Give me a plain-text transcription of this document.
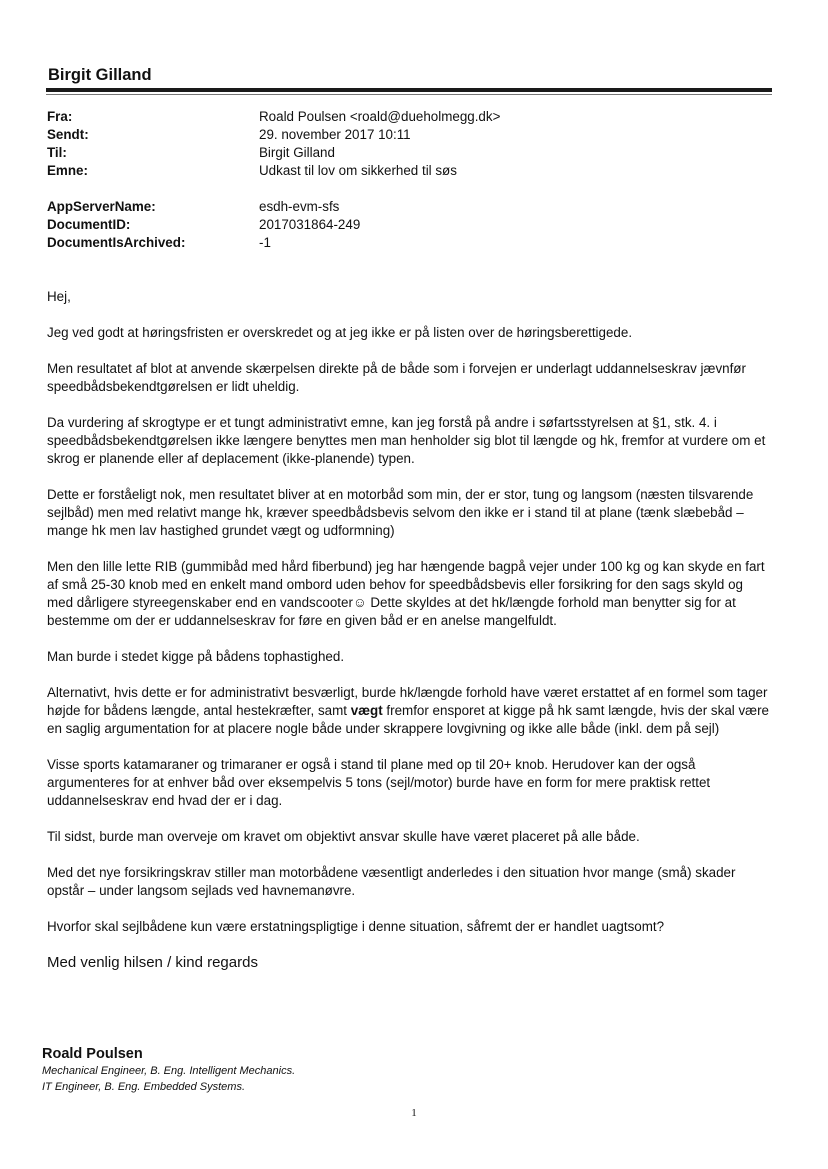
Birgit Gilland
Fra:	Roald Poulsen <roald@dueholmegg.dk>
Sendt:	29. november 2017 10:11
Til:	Birgit Gilland
Emne:	Udkast til lov om sikkerhed til søs
AppServerName:	esdh-evm-sfs
DocumentID:	2017031864-249
DocumentIsArchived:	-1

Hej,

Jeg ved godt at høringsfristen er overskredet og at jeg ikke er på listen over de høringsberettigede.

Men resultatet af blot at anvende skærpelsen direkte på de både som i forvejen er underlagt uddannelseskrav jævnfør speedbådsbekendtgørelsen er lidt uheldig.

Da vurdering af skrogtype er et tungt administrativt emne, kan jeg forstå på andre i søfartsstyrelsen at §1, stk. 4. i speedbådsbekendtgørelsen ikke længere benyttes men man henholder sig blot til længde og hk, fremfor at vurdere om et skrog er planende eller af deplacement (ikke-planende) typen.

Dette er forståeligt nok, men resultatet bliver at en motorbåd som min, der er stor, tung og langsom (næsten tilsvarende sejlbåd) men med relativt mange hk, kræver speedbådsbevis selvom den ikke er i stand til at plane (tænk slæbebåd – mange hk men lav hastighed grundet vægt og udformning)

Men den lille lette RIB (gummibåd med hård fiberbund) jeg har hængende bagpå vejer under 100 kg og kan skyde en fart af små 25-30 knob med en enkelt mand ombord uden behov for speedbådsbevis eller forsikring for den sags skyld og med dårligere styreegenskaber end en vandscooter☺ Dette skyldes at det hk/længde forhold man benytter sig for at bestemme om der er uddannelseskrav for føre en given båd er en anelse mangelfuldt.

Man burde i stedet kigge på bådens tophastighed.

Alternativt, hvis dette er for administrativt besværligt, burde hk/længde forhold have været erstattet af en formel som tager højde for bådens længde, antal hestekræfter, samt vægt fremfor ensporet at kigge på hk samt længde, hvis der skal være en saglig argumentation for at placere nogle både under skrappere lovgivning og ikke alle både (inkl. dem på sejl)

Visse sports katamaraner og trimaraner er også i stand til plane med op til 20+ knob. Herudover kan der også argumenteres for at enhver båd over eksempelvis 5 tons (sejl/motor) burde have en form for mere praktisk rettet uddannelseskrav end hvad der er i dag.

Til sidst, burde man overveje om kravet om objektivt ansvar skulle have været placeret på alle både.

Med det nye forsikringskrav stiller man motorbådene væsentligt anderledes i den situation hvor mange (små) skader opstår – under langsom sejlads ved havnemanøvre.

Hvorfor skal sejlbådene kun være erstatningspligtige i denne situation, såfremt der er handlet uagtsomt?

Med venlig hilsen / kind regards

Roald Poulsen
Mechanical Engineer, B. Eng. Intelligent Mechanics.
IT Engineer, B. Eng. Embedded Systems.
1
